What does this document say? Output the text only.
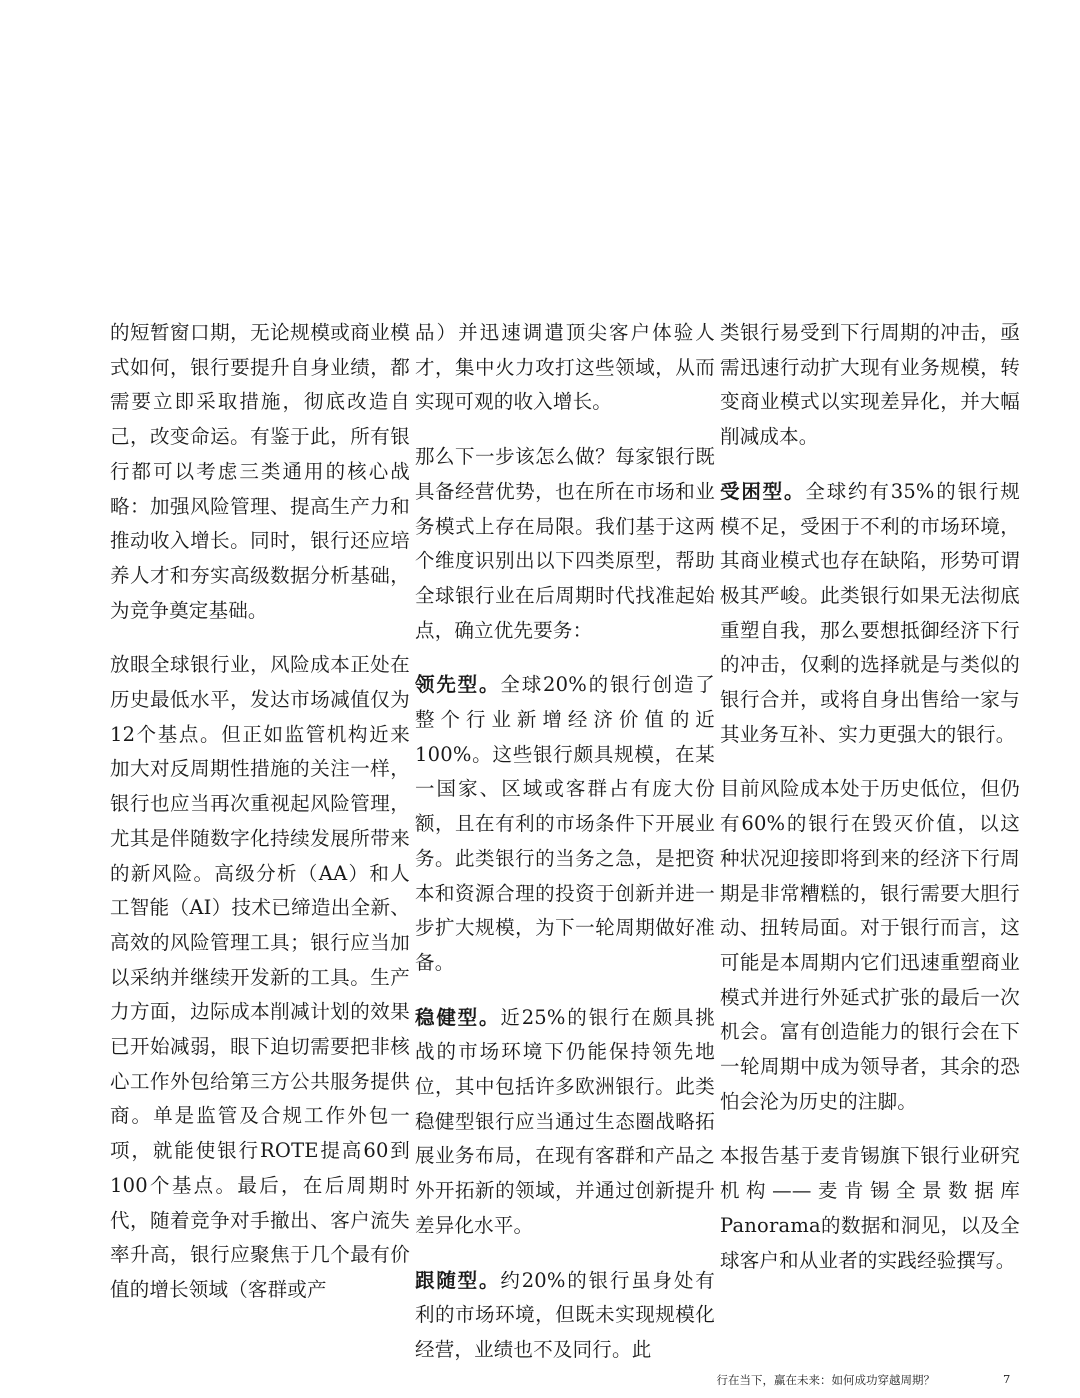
的短暂窗口期，无论规模或商业模式如何，银行要提升自身业绩，都需要立即采取措施，彻底改造自己，改变命运。有鉴于此，所有银行都可以考虑三类通用的核心战略：加强风险管理、提高生产力和推动收入增长。同时，银行还应培养人才和夯实高级数据分析基础，为竞争奠定基础。

放眼全球银行业，风险成本正处在历史最低水平，发达市场减值仅为12个基点。但正如监管机构近来加大对反周期性措施的关注一样，银行也应当再次重视起风险管理，尤其是伴随数字化持续发展所带来的新风险。高级分析（AA）和人工智能（AI）技术已缔造出全新、高效的风险管理工具；银行应当加以采纳并继续开发新的工具。生产力方面，边际成本削减计划的效果已开始减弱，眼下迫切需要把非核心工作外包给第三方公共服务提供商。单是监管及合规工作外包一项，就能使银行ROTE提高60到100个基点。最后，在后周期时代，随着竞争对手撤出、客户流失率升高，银行应聚焦于几个最有价值的增长领域（客群或产

品）并迅速调遣顶尖客户体验人才，集中火力攻打这些领域，从而实现可观的收入增长。

那么下一步该怎么做？每家银行既具备经营优势，也在所在市场和业务模式上存在局限。我们基于这两个维度识别出以下四类原型，帮助全球银行业在后周期时代找准起始点，确立优先要务：

领先型。全球20%的银行创造了整个行业新增经济价值的近100%。这些银行颇具规模，在某一国家、区域或客群占有庞大份额，且在有利的市场条件下开展业务。此类银行的当务之急，是把资本和资源合理的投资于创新并进一步扩大规模，为下一轮周期做好准备。

稳健型。近25%的银行在颇具挑战的市场环境下仍能保持领先地位，其中包括许多欧洲银行。此类稳健型银行应当通过生态圈战略拓展业务布局，在现有客群和产品之外开拓新的领域，并通过创新提升差异化水平。

跟随型。约20%的银行虽身处有利的市场环境，但既未实现规模化经营，业绩也不及同行。此

类银行易受到下行周期的冲击，亟需迅速行动扩大现有业务规模，转变商业模式以实现差异化，并大幅削减成本。

受困型。全球约有35%的银行规模不足，受困于不利的市场环境，其商业模式也存在缺陷，形势可谓极其严峻。此类银行如果无法彻底重塑自我，那么要想抵御经济下行的冲击，仅剩的选择就是与类似的银行合并，或将自身出售给一家与其业务互补、实力更强大的银行。

目前风险成本处于历史低位，但仍有60%的银行在毁灭价值，以这种状况迎接即将到来的经济下行周期是非常糟糕的，银行需要大胆行动、扭转局面。对于银行而言，这可能是本周期内它们迅速重塑商业模式并进行外延式扩张的最后一次机会。富有创造能力的银行会在下一轮周期中成为领导者，其余的恐怕会沦为历史的注脚。

本报告基于麦肯锡旗下银行业研究机构——麦肯锡全景数据库Panorama的数据和洞见，以及全球客户和从业者的实践经验撰写。

行在当下，赢在未来：如何成功穿越周期？	7
